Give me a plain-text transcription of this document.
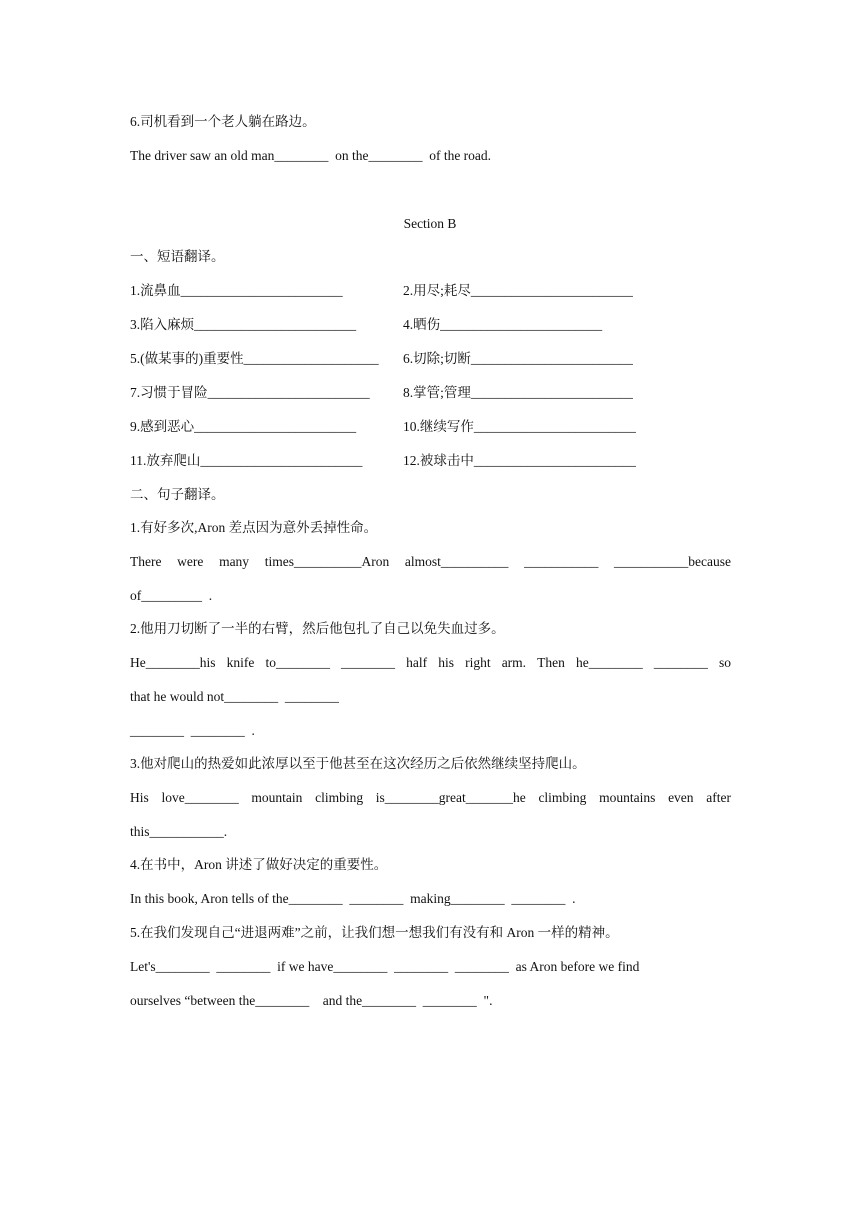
6.司机看到一个老人躺在路边。
The driver saw an old man________  on the________  of the road.
Section B
一、短语翻译。
1.流鼻血________________________	2.用尽;耗尽________________________
3.陷入麻烦________________________	4.晒伤________________________
5.(做某事的)重要性____________________ 6.切除;切断________________________
7.习惯于冒险________________________ 8.掌管;管理________________________
9.感到恶心________________________	10.继续写作________________________
11.放弃爬山________________________	12.被球击中________________________
二、句子翻译。
1.有好多次,Aron 差点因为意外丢掉性命。
There were many times__________Aron almost__________ ___________ ___________because
of_________  .
2.他用刀切断了一半的右臂，然后他包扎了自己以免失血过多。
He________his knife to________ ________ half his right arm. Then he________ ________ so
that he would not________  ________
________  ________  .
3.他对爬山的热爱如此浓厚以至于他甚至在这次经历之后依然继续坚持爬山。
His love________ mountain climbing is________great_______he climbing mountains even after
this___________.
4.在书中，Aron 讲述了做好决定的重要性。
In this book, Aron tells of the________  ________  making________  ________  .
5.在我们发现自己“进退两难”之前，让我们想一想我们有没有和 Aron 一样的精神。
Let's________  ________  if we have________  ________  ________  as Aron before we find
ourselves “between the________    and the________  ________  ".
